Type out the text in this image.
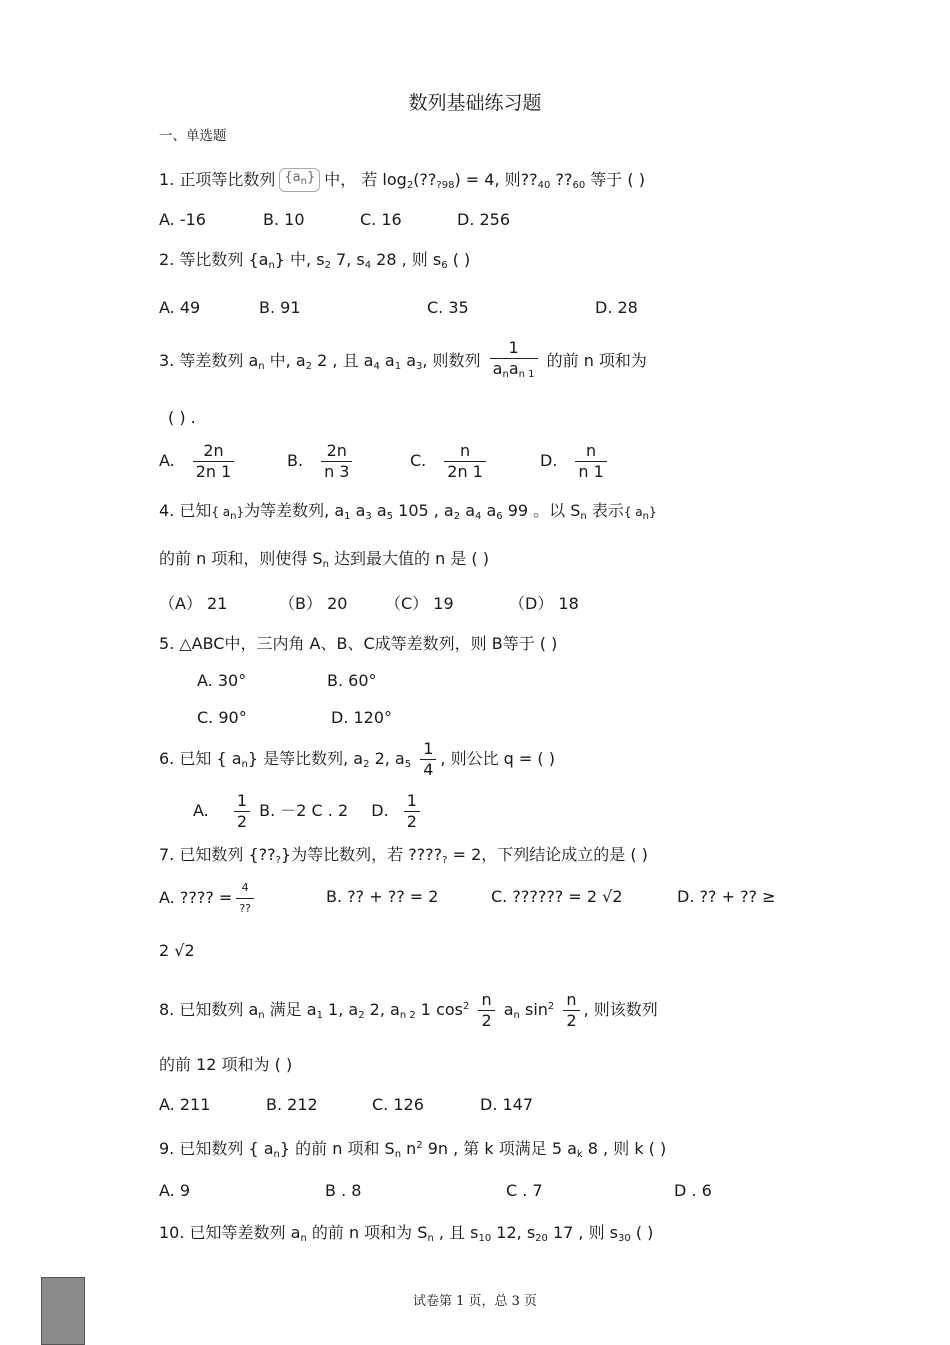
数列基础练习题
一、单选题
1. 正项等比数列 $\{a_n\}$ 中， 若 $\log_2(??_{?98}) = 4$, 则$??_{40}$ $??_{60}$ 等于 ( )
A. -16	B. 10	C. 16	D. 256
2. 等比数列 $\{a_n\}$ 中, $s_2$ 7, $s_4$ 28 , 则 $s_6$ ( )
A. 49	B. 91	C. 35	D. 28
3. 等差数列 $a_n$ 中, $a_2$ 2 , 且 $a_4$ $a_1$ $a_3$, 则数列 $\frac{1}{a_na_{n 1}}$ 的前 n 项和为
( ) .
A. $\frac{2n}{2n 1}$	B. $\frac{2n}{n 3}$	C. $\frac{n}{2n 1}$	D. $\frac{n}{n 1}$
4. 已知{ $a_n$}为等差数列, $a_1$ $a_3$ $a_5$ 105 , $a_2$ $a_4$ $a_6$ 99 。以 $S_n$ 表示{ $a_n$}
的前 n 项和，则使得 $S_n$ 达到最大值的 n 是 ( )
（A） 21	（B） 20 （C） 19	（D） 18
5. △ABC中，三内角 A、B、C成等差数列，则 B等于 ( )
A. 30°	B. 60°
C. 90°	D. 120°
6. 已知 { $a_n$} 是等比数列, $a_2$ 2, $a_5 \frac{1}{4}$ , 则公比 q = ( )
A. $\frac{1}{2} B$. －2 C . 2 D. $\frac{1}{2}$
7. 已知数列 $\{??_?\}$为等比数列，若 $????_? = 2$，下列结论成立的是 ( )
A. ???? = $\frac{4}{??}$	B. ?? + ?? = 2	C. ?????? = 2 √2	D. ?? + ?? ≥
2 √2
8. 已知数列 $a_n$ 满足 $a_1$ 1, $a_2$ 2, $a_{n 2}$ 1 $\cos^2 \frac{n}{2} a_n$ $\sin^2 \frac{n}{2}$ , 则该数列
的前 12 项和为 ( )
A. 211	B. 212	C. 126	D. 147
9. 已知数列 { $a_n$} 的前 n 项和 $S_n$ $n^2$ 9n , 第 k 项满足 5 $a_k$ 8 , 则 k ( )
A. 9	B . 8	C . 7	D . 6
10. 已知等差数列 $a_n$ 的前 n 项和为 $S_n$ , 且 $s_{10}$ 12, $s_{20}$ 17 , 则 $s_{30}$ ( )
试卷第 1 页，总 3 页
